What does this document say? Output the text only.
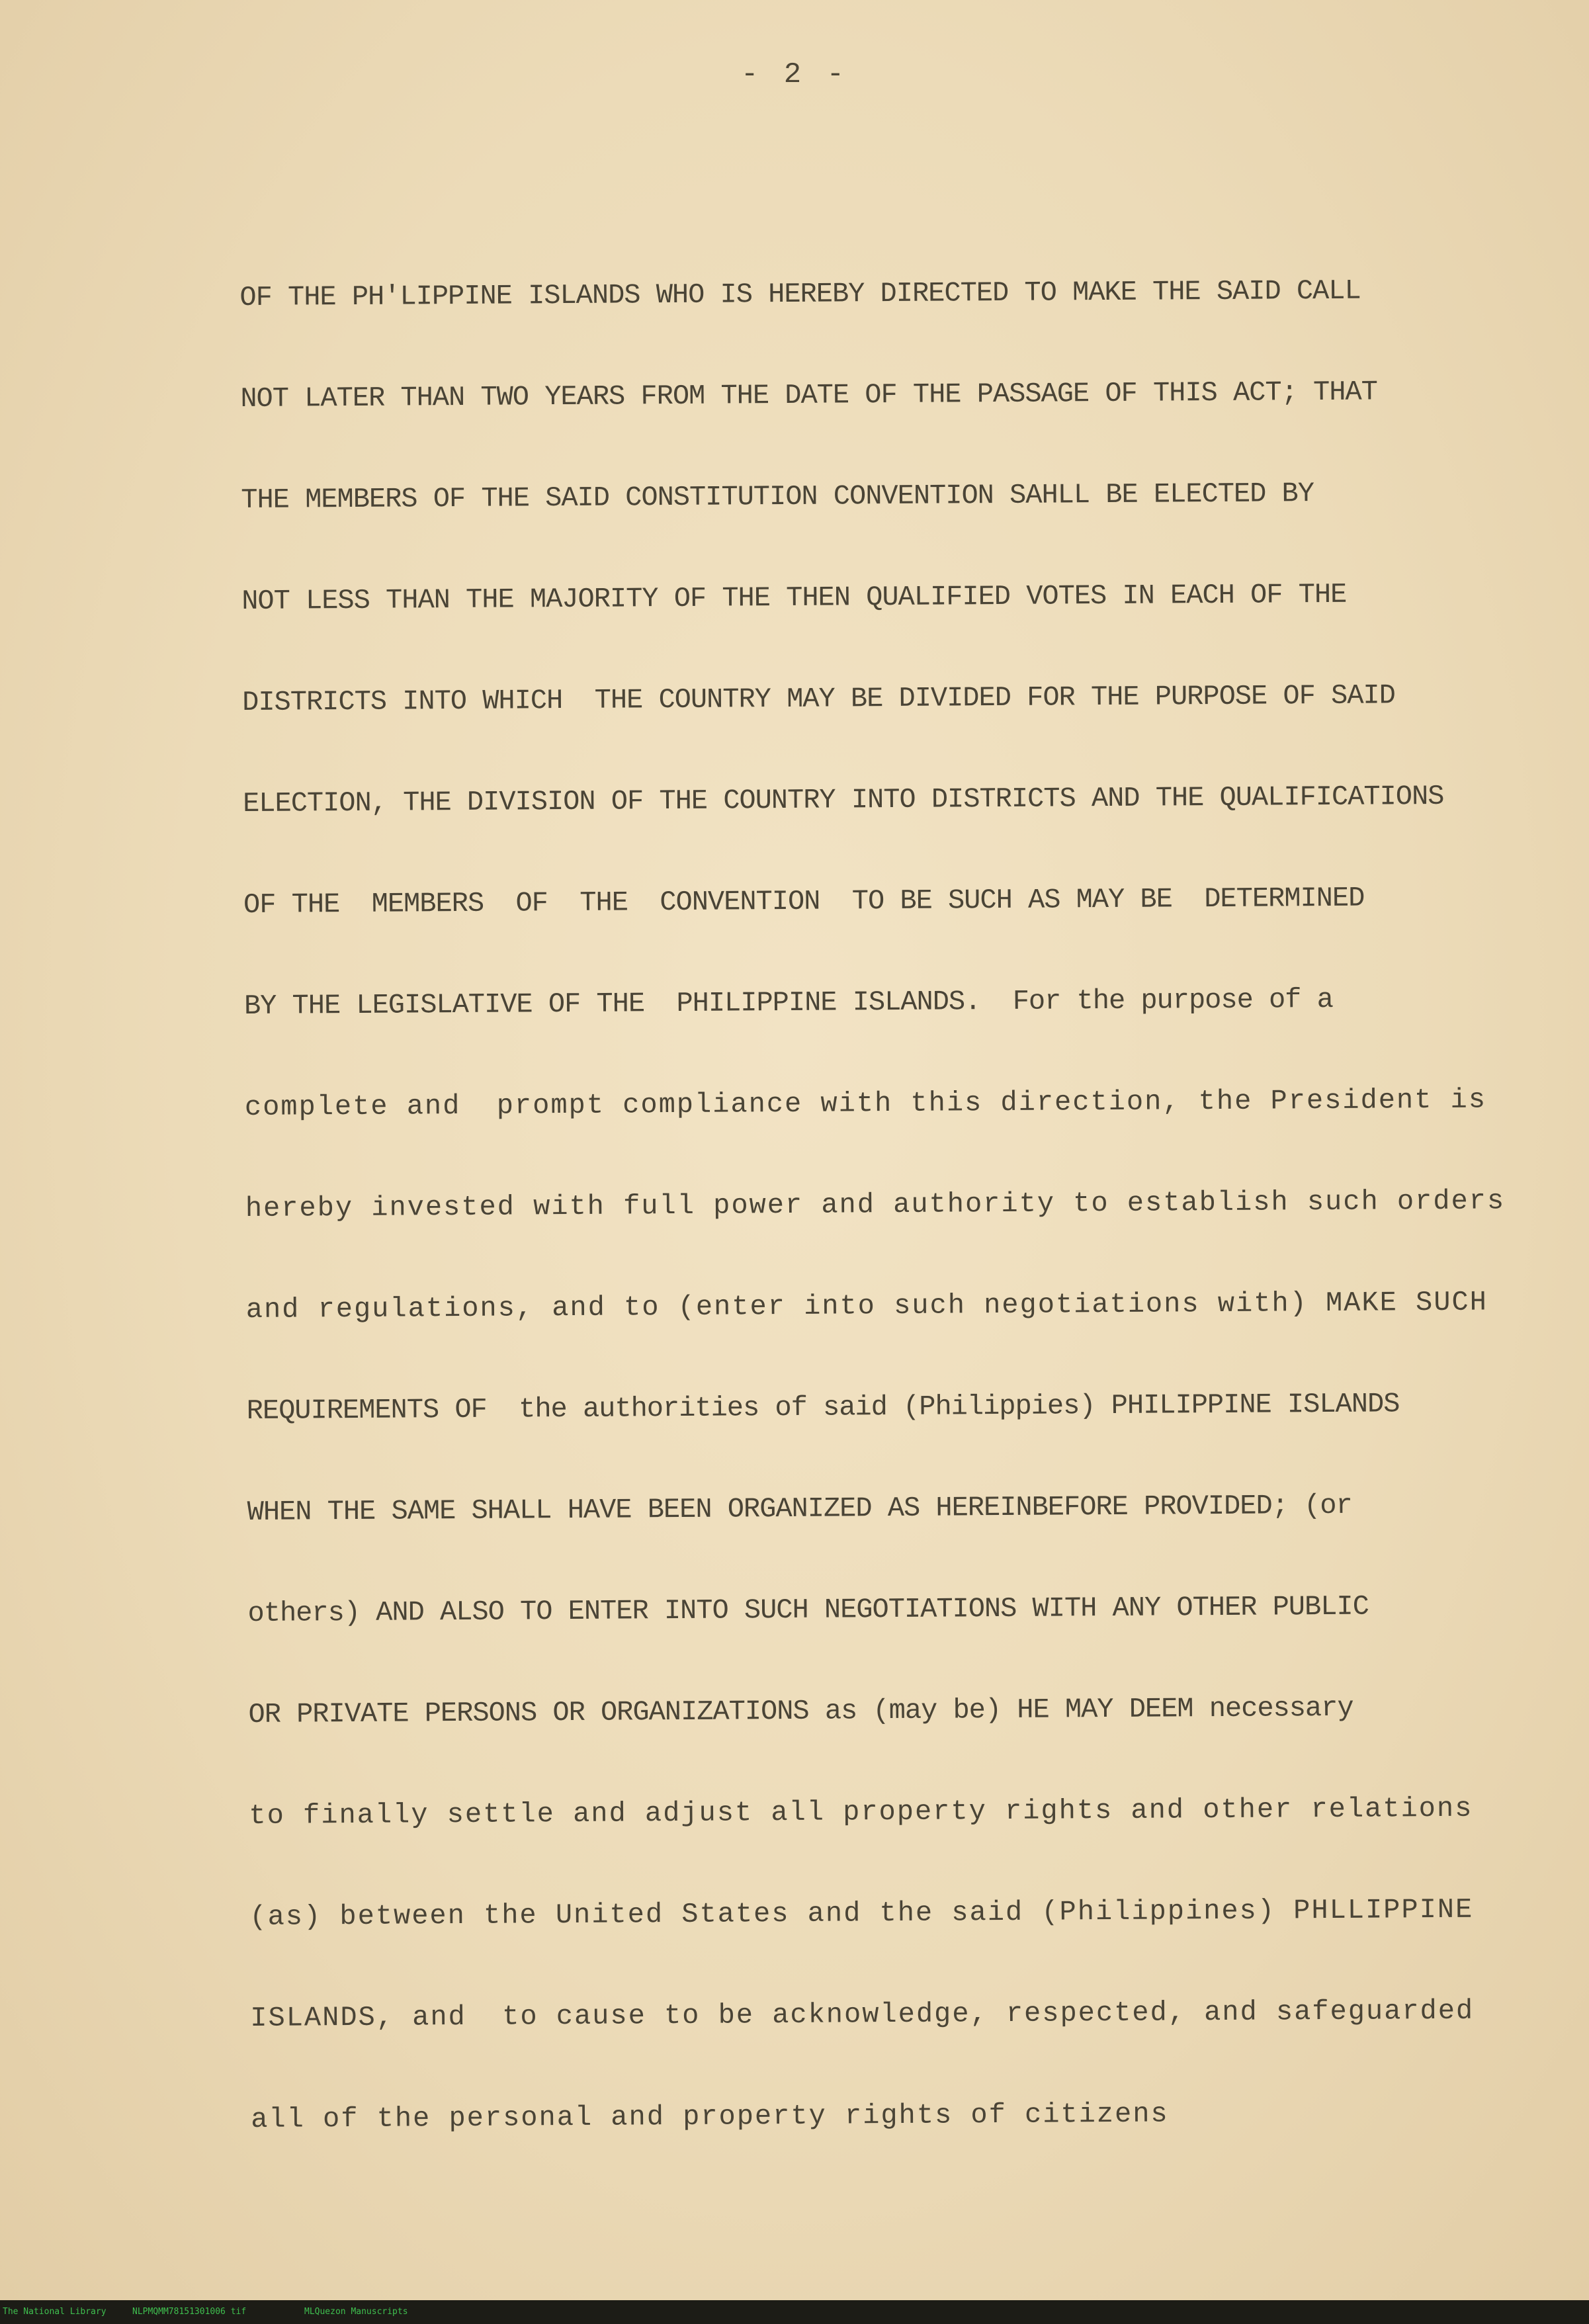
- 2 -
OF THE PH'LIPPINE ISLANDS WHO IS HEREBY DIRECTED TO MAKE THE SAID CALL
NOT LATER THAN TWO YEARS FROM THE DATE OF THE PASSAGE OF THIS ACT; THAT
THE MEMBERS OF THE SAID CONSTITUTION CONVENTION SAHLL BE ELECTED BY
NOT LESS THAN THE MAJORITY OF THE THEN QUALIFIED VOTES IN EACH OF THE
DISTRICTS INTO WHICH  THE COUNTRY MAY BE DIVIDED FOR THE PURPOSE OF SAID
ELECTION, THE DIVISION OF THE COUNTRY INTO DISTRICTS AND THE QUALIFICATIONS
OF THE  MEMBERS  OF  THE  CONVENTION  TO BE SUCH AS MAY BE  DETERMINED
BY THE LEGISLATIVE OF THE  PHILIPPINE ISLANDS.  For the purpose of a
complete and  prompt compliance with this direction, the President is
hereby invested with full power and authority to establish such orders
and regulations, and to (enter into such negotiations with) MAKE SUCH
REQUIREMENTS OF  the authorities of said (Philippies) PHILIPPINE ISLANDS
WHEN THE SAME SHALL HAVE BEEN ORGANIZED AS HEREINBEFORE PROVIDED; (or
others) AND ALSO TO ENTER INTO SUCH NEGOTIATIONS WITH ANY OTHER PUBLIC
OR PRIVATE PERSONS OR ORGANIZATIONS as (may be) HE MAY DEEM necessary
to finally settle and adjust all property rights and other relations
(as) between the United States and the said (Philippines) PHLLIPPINE
ISLANDS, and  to cause to be acknowledge, respected, and safeguarded
all of the personal and property rights of citizens
The National Library	NLPMQMM78151301006 tif	MLQuezon Manuscripts
